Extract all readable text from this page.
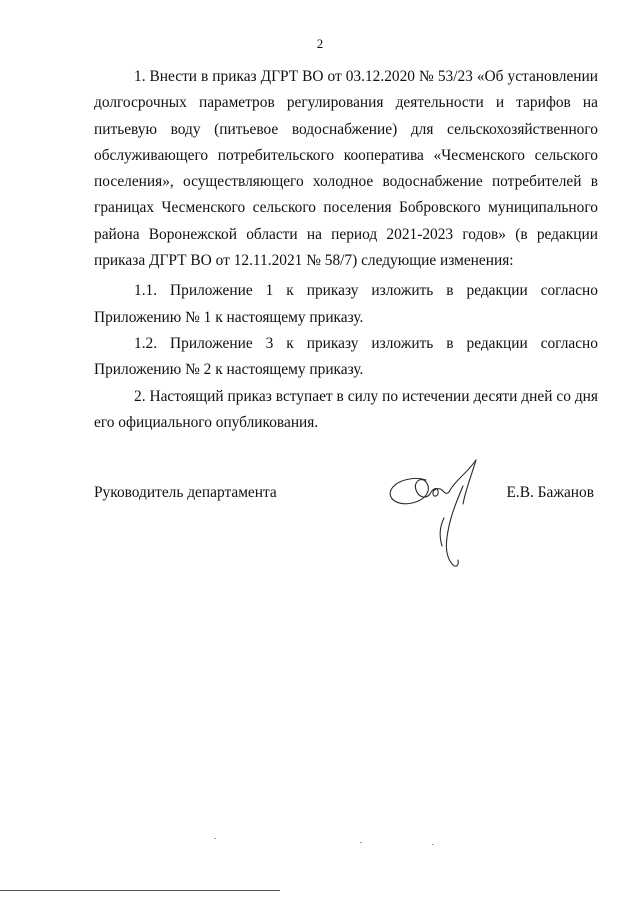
2

1. Внести в приказ ДГРТ ВО от 03.12.2020 № 53/23 «Об установлении долгосрочных параметров регулирования деятельности и тарифов на питьевую воду (питьевое водоснабжение) для сельскохозяйственного обслуживающего потребительского кооператива «Чесменского сельского поселения», осуществляющего холодное водоснабжение потребителей в границах Чесменского сельского поселения Бобровского муниципального района Воронежской области на период 2021-2023 годов» (в редакции приказа ДГРТ ВО от 12.11.2021 № 58/7) следующие изменения:

1.1. Приложение 1 к приказу изложить в редакции согласно Приложению № 1 к настоящему приказу.

1.2. Приложение 3 к приказу изложить в редакции согласно Приложению № 2 к настоящему приказу.

2. Настоящий приказ вступает в силу по истечении десяти дней со дня его официального опубликования.

Руководитель департамента	Е.В. Бажанов
